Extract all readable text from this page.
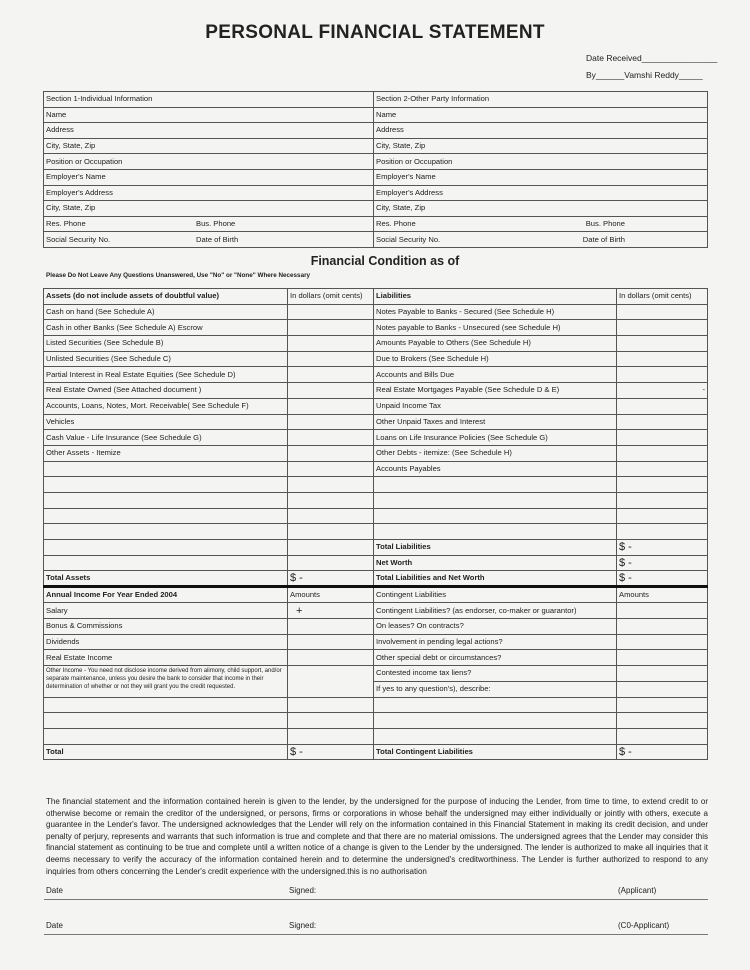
PERSONAL FINANCIAL STATEMENT
Date Received________________
By______Vamshi Reddy_____
Section 1-Individual Information	Section 2-Other Party Information
Name	Name
Address	Address
City, State, Zip	City, State, Zip
Position or Occupation	Position or Occupation
Employer's Name	Employer's Name
Employer's Address	Employer's Address
City, State, Zip	City, State, Zip

Res. Phone Bus. Phone	Res. Phone Bus. Phone

Social Security No. Date of Birth	Social Security No. Date of Birth
Financial Condition as of
Please Do Not Leave Any Questions Unanswered, Use "No" or "None" Where Necessary
Assets (do not include assets of doubtful value)	In dollars (omit cents)	Liabilities	In dollars (omit cents)
Cash on hand (See Schedule A)		Notes Payable to Banks - Secured (See Schedule H)	
Cash in other Banks (See Schedule A) Escrow		Notes payable to Banks - Unsecured (see Schedule H)	
Listed Securities (See Schedule B)		Amounts Payable to Others (See Schedule H)	
Unlisted Securities (See Schedule C)		Due to Brokers (See Schedule H)	
Partial Interest in Real Estate Equities (See Schedule D)		Accounts and Bills Due	
Real Estate Owned (See Attached document )		Real Estate Mortgages Payable (See Schedule D & E)	-

Accounts, Loans, Notes, Mort. Receivable( See Schedule F)		Unpaid Income Tax	
Vehicles		Other Unpaid Taxes and Interest	
Cash Value - Life Insurance (See Schedule G)		Loans on Life Insurance Policies (See Schedule G)	
Other Assets - Itemize		Other Debts - itemize: (See Schedule H)	
		Accounts Payables	

		Total Liabilities	$ -
		Net Worth	$ -
Total Assets	$ -	Total Liabilities and Net Worth	$ -
Annual Income For Year Ended 2004	Amounts	Contingent Liabilities	Amounts
Salary	+	Contingent Liabilities? (as endorser, co-maker or guarantor)	
Bonus & Commissions		On leases? On contracts?	
Dividends		Involvement in pending legal actions?	
Real Estate Income		Other special debt or circumstances?	
Other Income - You need not disclose income derived from alimony, child support, and/or separate maintenance, unless you desire the bank to consider that income in their determination of whether or not they will grant you the credit requested.		Contested income tax liens?	
		If yes to any question's), describe:	

Total	$ -	Total Contingent Liabilities	$ -
The financial statement and the information contained herein is given to the lender, by the undersigned for the purpose of inducing the Lender, from time to time, to extend credit to or otherwise become or remain the creditor of the undersigned, or persons, firms or corporations in whose behalf the undersigned may either individually or jointly with others, execute a guarantee in the Lender's favor. The undersigned acknowledges that the Lender will rely on the information contained in this Financial Statement in making its credit decision, and under penalty of perjury, represents and warrants that such information is true and complete and that there are no material omissions. The undersigned agrees that the Lender may consider this financial statement as continuing to be true and complete until a written notice of a change is given to the Lender by the undersigned. The lender is authorized to make all inquiries that it deems necessary to verify the accuracy of the information contained herein and to determine the undersigned's creditworthiness. The Lender is further authorized to respond to any inquiries from others concerning the Lender's credit experience with the undersigned.this is no authorisation
Date	Signed:	(Applicant)
Date	Signed:	(C0-Applicant)
